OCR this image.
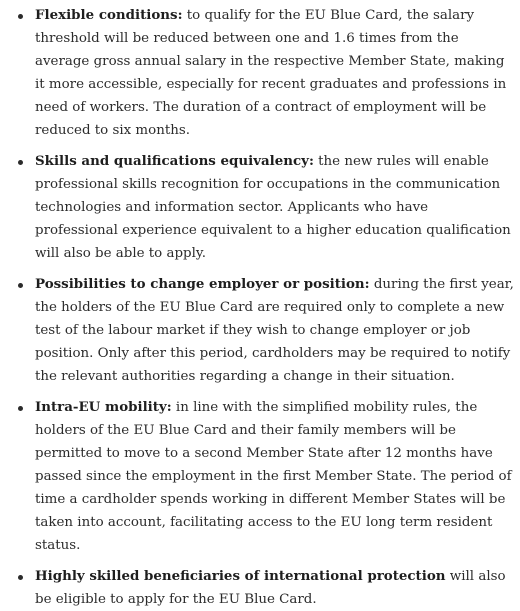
Flexible conditions: to qualify for the EU Blue Card, the salary threshold will be reduced between one and 1.6 times from the average gross annual salary in the respective Member State, making it more accessible, especially for recent graduates and professions in need of workers. The duration of a contract of employment will be reduced to six months.
Skills and qualifications equivalency: the new rules will enable professional skills recognition for occupations in the communication technologies and information sector. Applicants who have professional experience equivalent to a higher education qualification will also be able to apply.
Possibilities to change employer or position: during the first year, the holders of the EU Blue Card are required only to complete a new test of the labour market if they wish to change employer or job position. Only after this period, cardholders may be required to notify the relevant authorities regarding a change in their situation.
Intra-EU mobility: in line with the simplified mobility rules, the holders of the EU Blue Card and their family members will be permitted to move to a second Member State after 12 months have passed since the employment in the first Member State. The period of time a cardholder spends working in different Member States will be taken into account, facilitating access to the EU long term resident status.
Highly skilled beneficiaries of international protection will also be eligible to apply for the EU Blue Card.
